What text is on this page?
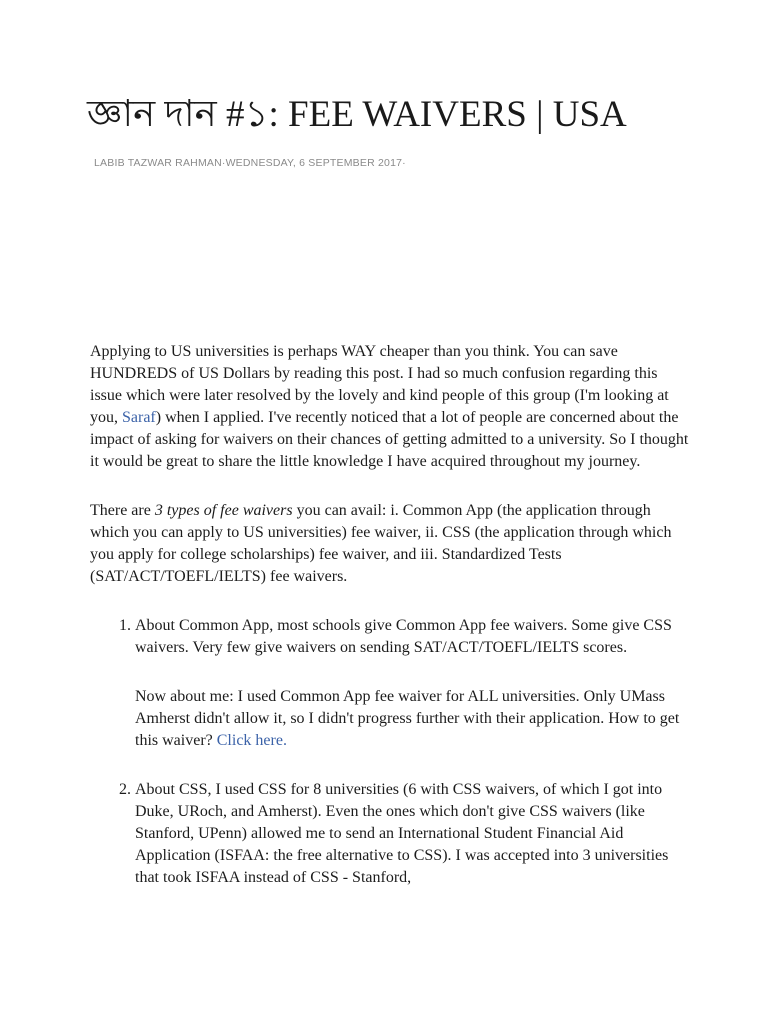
জ্ঞান দান #১: FEE WAIVERS | USA
LABIB TAZWAR RAHMAN·WEDNESDAY, 6 SEPTEMBER 2017·

Applying to US universities is perhaps WAY cheaper than you think. You can save HUNDREDS of US Dollars by reading this post. I had so much confusion regarding this issue which were later resolved by the lovely and kind people of this group (I'm looking at you, Saraf) when I applied. I've recently noticed that a lot of people are concerned about the impact of asking for waivers on their chances of getting admitted to a university. So I thought it would be great to share the little knowledge I have acquired throughout my journey.

There are 3 types of fee waivers you can avail: i. Common App (the application through which you can apply to US universities) fee waiver, ii. CSS (the application through which you apply for college scholarships) fee waiver, and iii. Standardized Tests (SAT/ACT/TOEFL/IELTS) fee waivers.

1. About Common App, most schools give Common App fee waivers. Some give CSS waivers. Very few give waivers on sending SAT/ACT/TOEFL/IELTS scores.

Now about me: I used Common App fee waiver for ALL universities. Only UMass Amherst didn't allow it, so I didn't progress further with their application. How to get this waiver? Click here.

2. About CSS, I used CSS for 8 universities (6 with CSS waivers, of which I got into Duke, URoch, and Amherst). Even the ones which don't give CSS waivers (like Stanford, UPenn) allowed me to send an International Student Financial Aid Application (ISFAA: the free alternative to CSS). I was accepted into 3 universities that took ISFAA instead of CSS - Stanford,
